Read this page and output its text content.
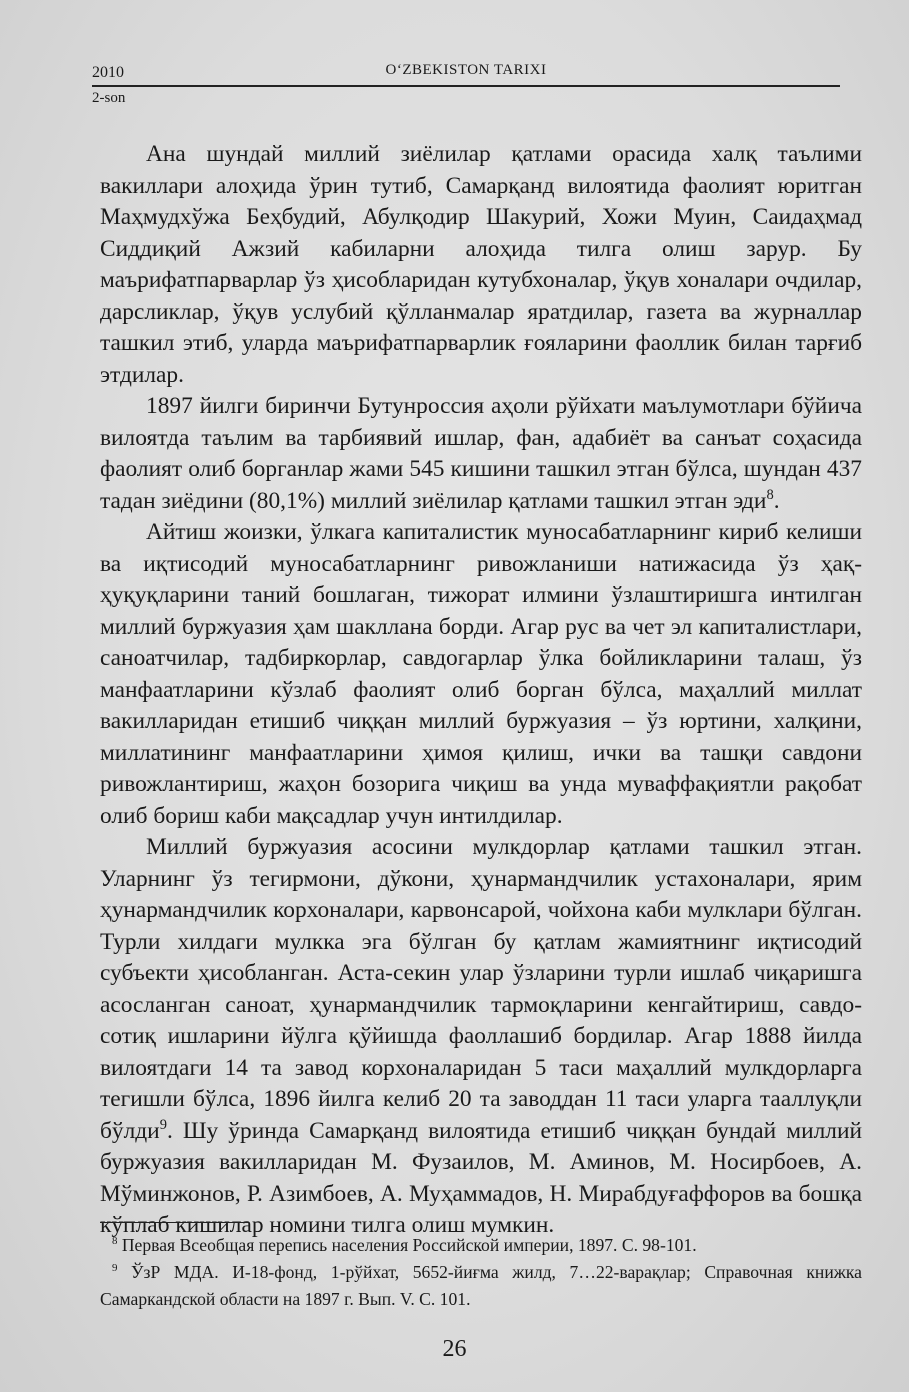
2010	O‘ZBEKISTON TARIXI
2-son

Ана шундай миллий зиёлилар қатлами орасида халқ таълими вакиллари алоҳида ўрин тутиб, Самарқанд вилоятида фаолият юритган Маҳмудхўжа Беҳбудий, Абулқодир Шакурий, Хожи Муин, Саидаҳмад Сиддиқий Ажзий кабиларни алоҳида тилга олиш зарур. Бу маърифатпарварлар ўз ҳисобларидан кутубхоналар, ўқув хоналари очдилар, дарсликлар, ўқув услубий қўлланмалар яратдилар, газета ва журналлар ташкил этиб, уларда маърифатпарварлик ғояларини фаоллик билан тарғиб этдилар.

1897 йилги биринчи Бутунроссия аҳоли рўйхати маълумотлари бўйича вилоятда таълим ва тарбиявий ишлар, фан, адабиёт ва санъат соҳасида фаолият олиб борганлар жами 545 кишини ташкил этган бўлса, шундан 437 тадан зиёдини (80,1%) миллий зиёлилар қатлами ташкил этган эди$^8$.

Айтиш жоизки, ўлкага капиталистик муносабатларнинг кириб келиши ва иқтисодий муносабатларнинг ривожланиши натижасида ўз ҳақ-ҳуқуқларини таний бошлаган, тижорат илмини ўзлаштиришга интилган миллий буржуазия ҳам шакллана борди. Агар рус ва чет эл капиталистлари, саноатчилар, тадбиркорлар, савдогарлар ўлка бойликларини талаш, ўз манфаатларини кўзлаб фаолият олиб борган бўлса, маҳаллий миллат вакилларидан етишиб чиққан миллий буржуазия – ўз юртини, халқини, миллатининг манфаатларини ҳимоя қилиш, ички ва ташқи савдони ривожлантириш, жаҳон бозорига чиқиш ва унда муваффақиятли рақобат олиб бориш каби мақсадлар учун интилдилар.

Миллий буржуазия асосини мулкдорлар қатлами ташкил этган. Уларнинг ўз тегирмони, дўкони, ҳунармандчилик устахоналари, ярим ҳунармандчилик корхоналари, карвонсарой, чойхона каби мулклари бўлган. Турли хилдаги мулкка эга бўлган бу қатлам жамиятнинг иқтисодий субъекти ҳисобланган. Аста-секин улар ўзларини турли ишлаб чиқаришга асосланган саноат, ҳунармандчилик тармоқларини кенгайтириш, савдо-сотиқ ишларини йўлга қўйишда фаоллашиб бордилар. Агар 1888 йилда вилоятдаги 14 та завод корхоналаридан 5 таси маҳаллий мулкдорларга тегишли бўлса, 1896 йилга келиб 20 та заводдан 11 таси уларга тааллуқли бўлди$^9$. Шу ўринда Самарқанд вилоятида етишиб чиққан бундай миллий буржуазия вакилларидан М. Фузаилов, М. Аминов, М. Носирбоев, А. Мўминжонов, Р. Азимбоев, А. Муҳаммадов, Н. Мирабдуғаффоров ва бошқа кўплаб кишилар номини тилга олиш мумкин.

$^8$ Первая Всеобщая перепись населения Российской империи, 1897. С. 98-101.

$^9$ ЎзР МДА. И-18-фонд, 1-рўйхат, 5652-йиғма жилд, 7…22-варақлар; Справочная книжка Самаркандской области на 1897 г. Вып. V. С. 101.

26
